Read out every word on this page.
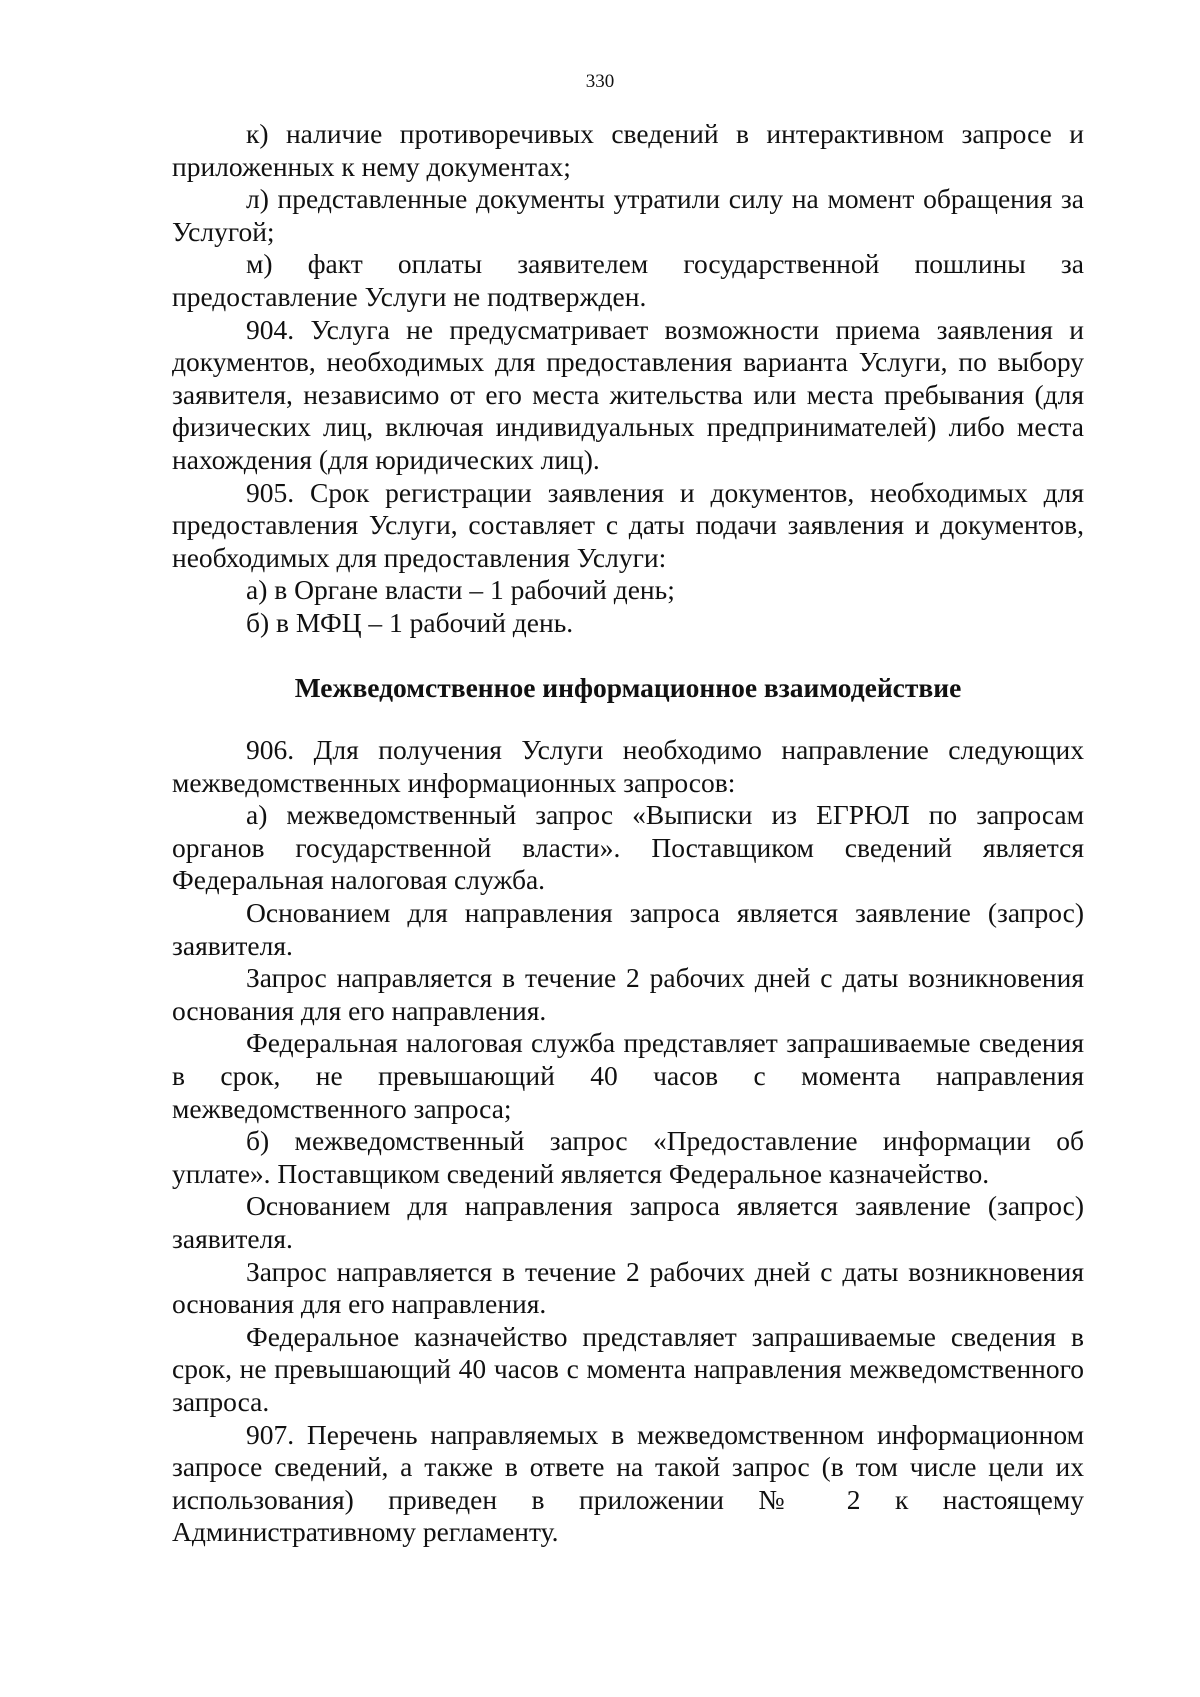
330

к) наличие противоречивых сведений в интерактивном запросе и приложенных к нему документах;

л) представленные документы утратили силу на момент обращения за Услугой;

м) факт оплаты заявителем государственной пошлины за предоставление Услуги не подтвержден.

904. Услуга не предусматривает возможности приема заявления и документов, необходимых для предоставления варианта Услуги, по выбору заявителя, независимо от его места жительства или места пребывания (для физических лиц, включая индивидуальных предпринимателей) либо места нахождения (для юридических лиц).

905. Срок регистрации заявления и документов, необходимых для предоставления Услуги, составляет с даты подачи заявления и документов, необходимых для предоставления Услуги:

а) в Органе власти – 1 рабочий день;

б) в МФЦ – 1 рабочий день.

Межведомственное информационное взаимодействие

906. Для получения Услуги необходимо направление следующих межведомственных информационных запросов:

а) межведомственный запрос «Выписки из ЕГРЮЛ по запросам органов государственной власти». Поставщиком сведений является Федеральная налоговая служба.

Основанием для направления запроса является заявление (запрос) заявителя.

Запрос направляется в течение 2 рабочих дней с даты возникновения основания для его направления.

Федеральная налоговая служба представляет запрашиваемые сведения в срок, не превышающий 40 часов с момента направления межведомственного запроса;

б) межведомственный запрос «Предоставление информации об уплате». Поставщиком сведений является Федеральное казначейство.

Основанием для направления запроса является заявление (запрос) заявителя.

Запрос направляется в течение 2 рабочих дней с даты возникновения основания для его направления.

Федеральное казначейство представляет запрашиваемые сведения в срок, не превышающий 40 часов с момента направления межведомственного запроса.

907. Перечень направляемых в межведомственном информационном запросе сведений, а также в ответе на такой запрос (в том числе цели их использования) приведен в приложении № 2 к настоящему Административному регламенту.
